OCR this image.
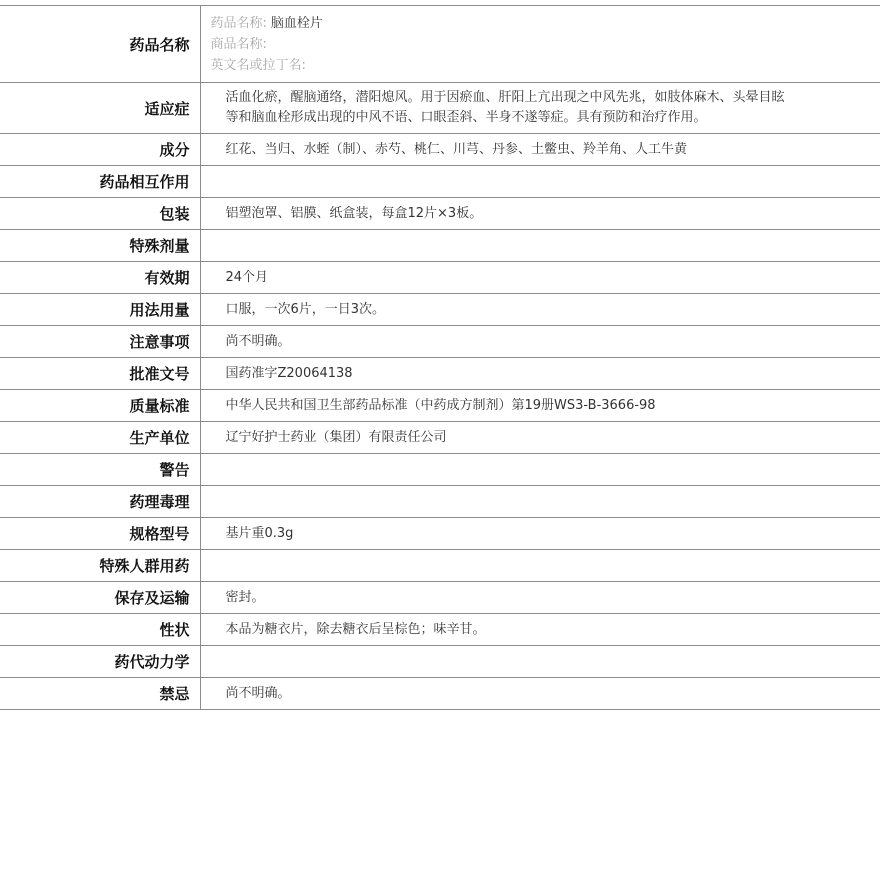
药品名称	药品名称: 脑血栓片
商品名称:
英文名或拉丁名:

适应症	活血化瘀，醒脑通络，潜阳熄风。用于因瘀血、肝阳上亢出现之中风先兆，如肢体麻木、头晕目眩等和脑血栓形成出现的中风不语、口眼歪斜、半身不遂等症。具有预防和治疗作用。

成分	红花、当归、水蛭（制）、赤芍、桃仁、川芎、丹参、土鳖虫、羚羊角、人工牛黄
药品相互作用	
包装	铝塑泡罩、铝膜、纸盒装，每盒12片×3板。
特殊剂量	
有效期	24个月
用法用量	口服，一次6片，一日3次。
注意事项	尚不明确。
批准文号	国药准字Z20064138
质量标准	中华人民共和国卫生部药品标准（中药成方制剂）第19册WS3-B-3666-98
生产单位	辽宁好护士药业（集团）有限责任公司
警告	
药理毒理	
规格型号	基片重0.3g
特殊人群用药	
保存及运输	密封。
性状	本品为糖衣片，除去糖衣后呈棕色；味辛甘。
药代动力学	
禁忌	尚不明确。
